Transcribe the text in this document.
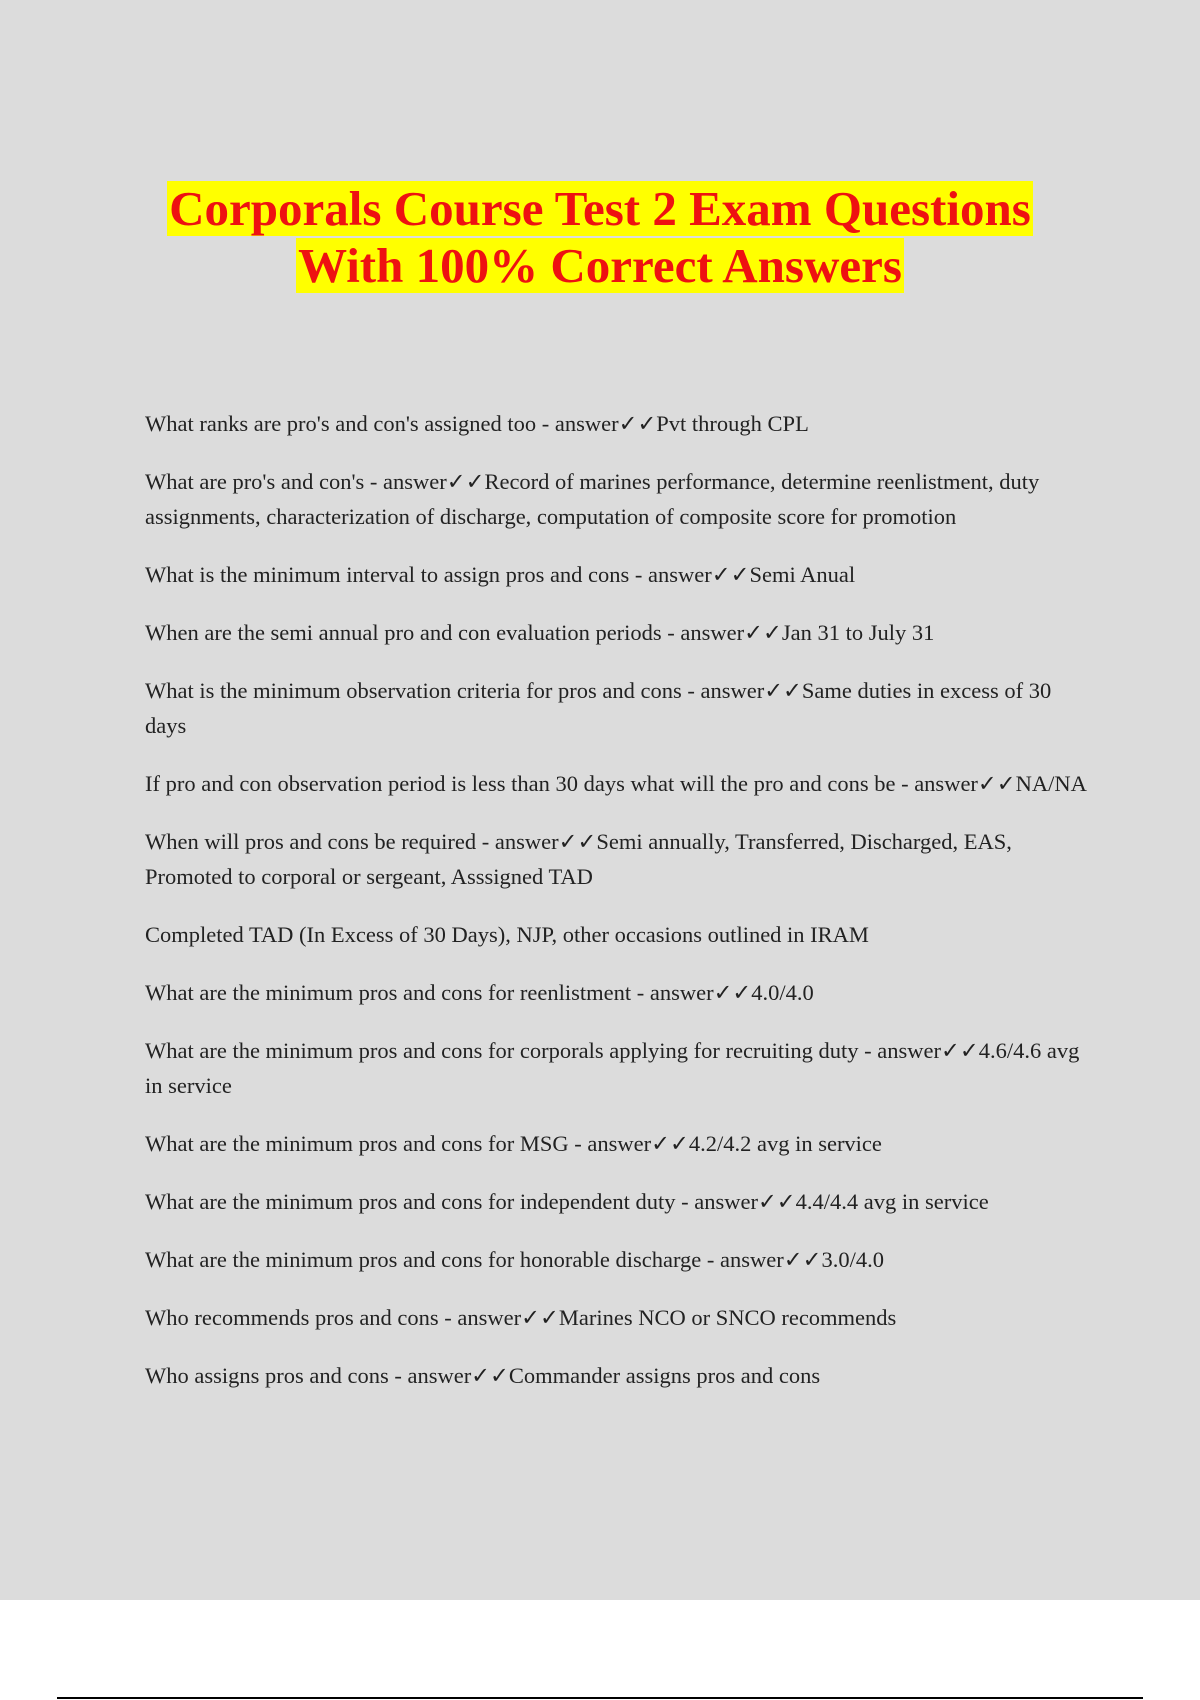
Corporals Course Test 2 Exam Questions
With 100% Correct Answers

What ranks are pro's and con's assigned too - answer✓✓Pvt through CPL

What are pro's and con's - answer✓✓Record of marines performance, determine reenlistment, duty assignments, characterization of discharge, computation of composite score for promotion

What is the minimum interval to assign pros and cons - answer✓✓Semi Anual

When are the semi annual pro and con evaluation periods - answer✓✓Jan 31 to July 31

What is the minimum observation criteria for pros and cons - answer✓✓Same duties in excess of 30 days

If pro and con observation period is less than 30 days what will the pro and cons be - answer✓✓NA/NA

When will pros and cons be required - answer✓✓Semi annually, Transferred, Discharged, EAS, Promoted to corporal or sergeant, Asssigned TAD

Completed TAD (In Excess of 30 Days), NJP, other occasions outlined in IRAM

What are the minimum pros and cons for reenlistment - answer✓✓4.0/4.0

What are the minimum pros and cons for corporals applying for recruiting duty - answer✓✓4.6/4.6 avg in service

What are the minimum pros and cons for MSG - answer✓✓4.2/4.2 avg in service

What are the minimum pros and cons for independent duty - answer✓✓4.4/4.4 avg in service

What are the minimum pros and cons for honorable discharge - answer✓✓3.0/4.0

Who recommends pros and cons - answer✓✓Marines NCO or SNCO recommends

Who assigns pros and cons - answer✓✓Commander assigns pros and cons
